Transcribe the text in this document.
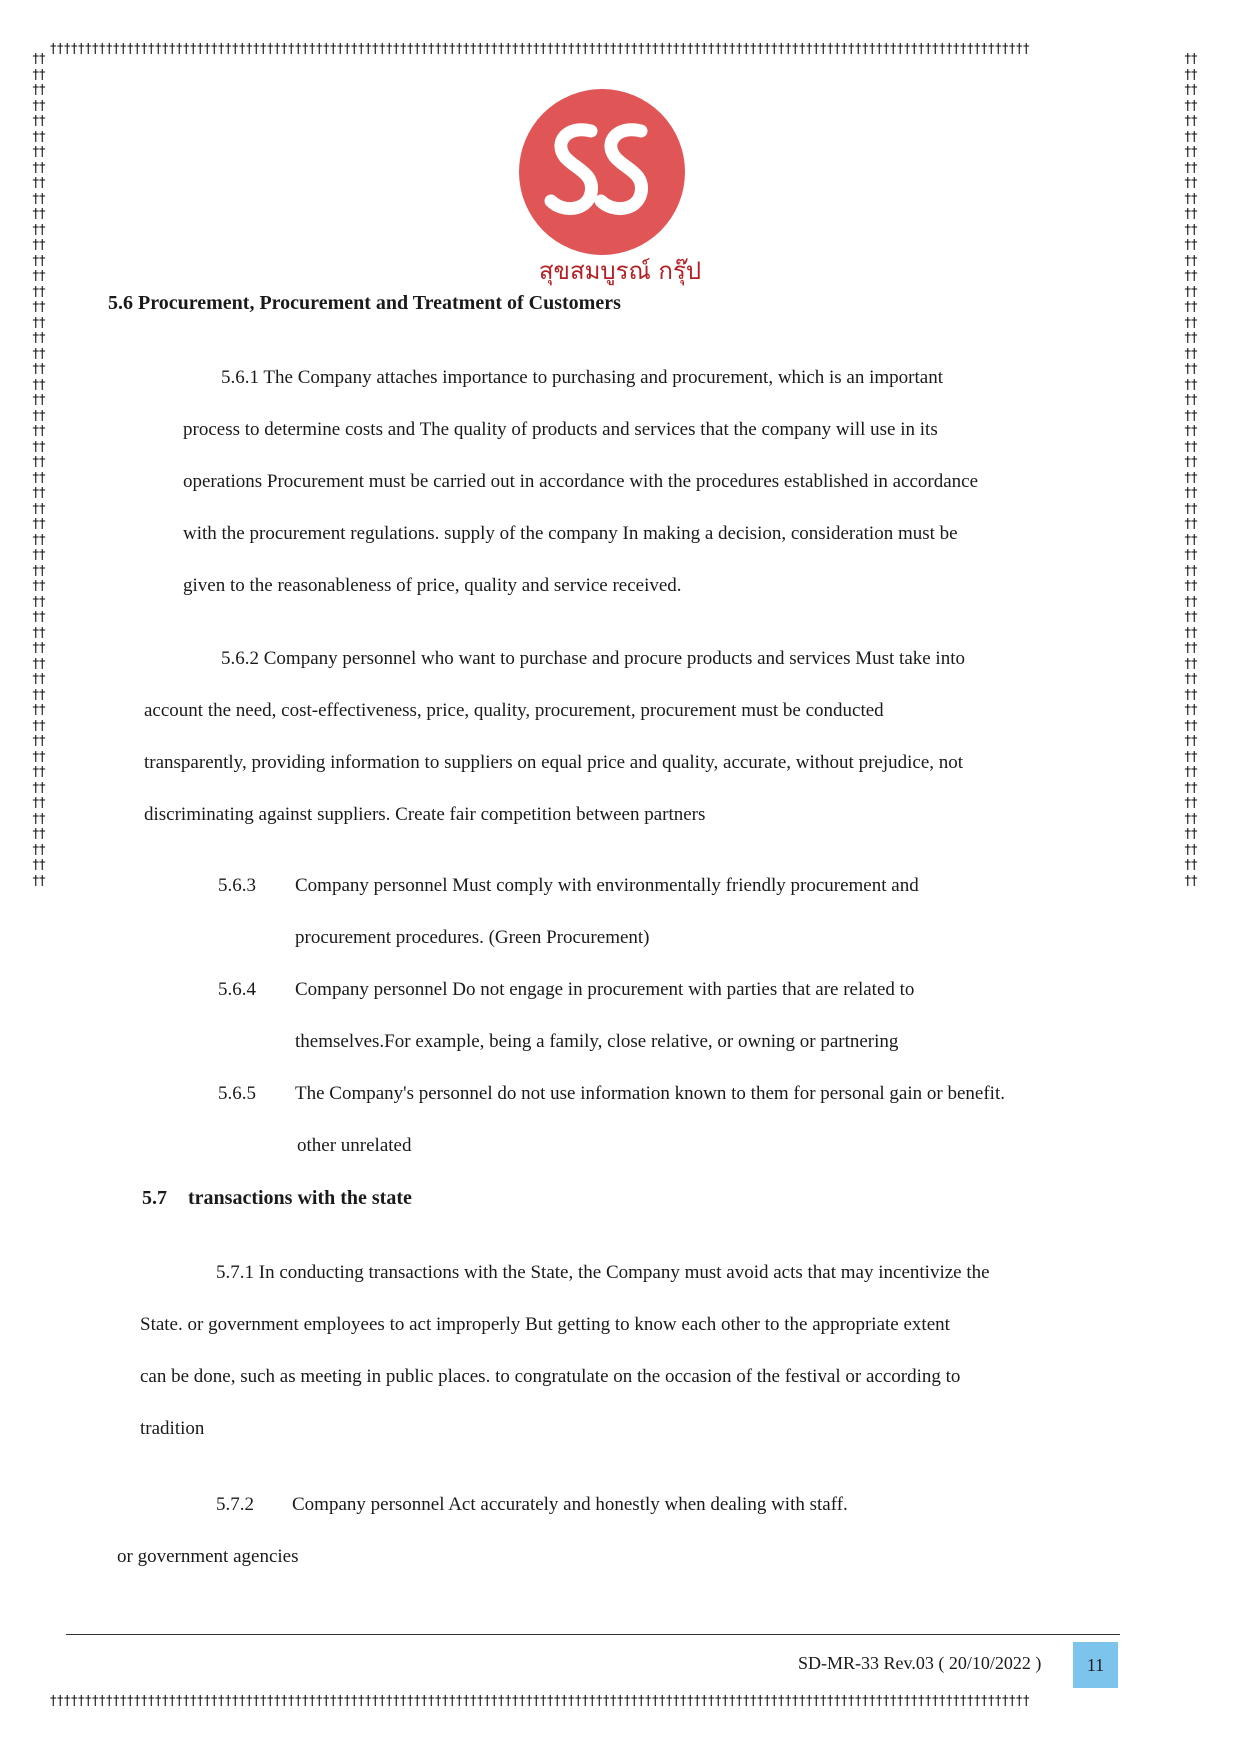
††††††††††††††††††††††††††††††††††††††††††††††††††††††††††††††††††††††††††††††††††††††††††††††††††††††††††††††††††††††††††††††††††††††††††††
††††††††††††††††††††††††††††††††††††††††††††††††††††††††††††††††††††††††††††††††††††††††††††††††††††††††††††††††††††††††††††††††††††††††††††
††††††††††††††††††††††††††††††††††††††††††††††††††††††††††††††††††††††††††††††††††††††††††††††††††††††††††††
††††††††††††††††††††††††††††††††††††††††††††††††††††††††††††††††††††††††††††††††††††††††††††††††††††††††††††
สุขสมบูรณ์ กรุ๊ป
5.6 Procurement, Procurement and Treatment of Customers
5.6.1 The Company attaches importance to purchasing and procurement, which is an important
process to determine costs and The quality of products and services that the company will use in its
operations Procurement must be carried out in accordance with the procedures established in accordance
with the procurement regulations. supply of the company In making a decision, consideration must be
given to the reasonableness of price, quality and service received.
5.6.2 Company personnel who want to purchase and procure products and services Must take into
account the need, cost-effectiveness, price, quality, procurement, procurement must be conducted
transparently, providing information to suppliers on equal price and quality, accurate, without prejudice, not
discriminating against suppliers. Create fair competition between partners
5.6.3 Company personnel Must comply with environmentally friendly procurement and
procurement procedures. (Green Procurement)
5.6.4 Company personnel Do not engage in procurement with parties that are related to
themselves.For example, being a family, close relative, or owning or partnering
5.6.5 The Company's personnel do not use information known to them for personal gain or benefit.
other unrelated
5.7 transactions with the state
5.7.1 In conducting transactions with the State, the Company must avoid acts that may incentivize the
State. or government employees to act improperly But getting to know each other to the appropriate extent
can be done, such as meeting in public places. to congratulate on the occasion of the festival or according to
tradition
5.7.2 Company personnel Act accurately and honestly when dealing with staff.
or government agencies
SD-MR-33 Rev.03 ( 20/10/2022 )	11
